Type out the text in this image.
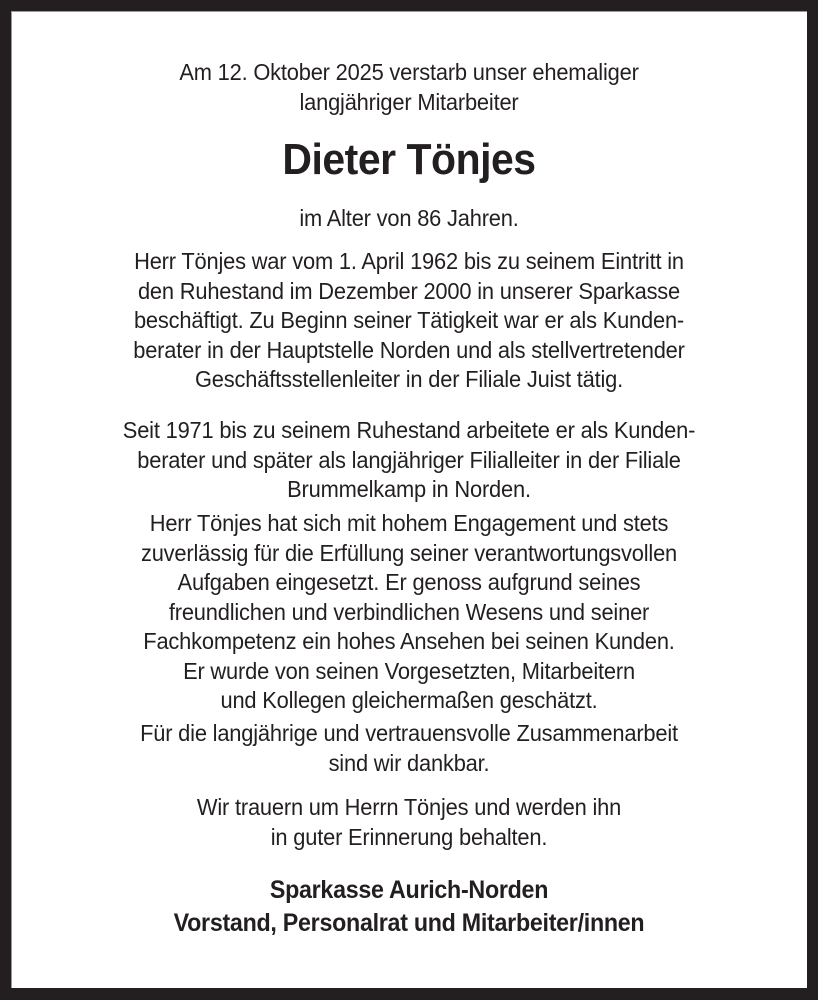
Am 12. Oktober 2025 verstarb unser ehemaliger
langjähriger Mitarbeiter
Dieter Tönjes
im Alter von 86 Jahren.
Herr Tönjes war vom 1. April 1962 bis zu seinem Eintritt in
den Ruhestand im Dezember 2000 in unserer Sparkasse
beschäftigt. Zu Beginn seiner Tätigkeit war er als Kunden-
berater in der Hauptstelle Norden und als stellvertretender
Geschäftsstellenleiter in der Filiale Juist tätig.
Seit 1971 bis zu seinem Ruhestand arbeitete er als Kunden-
berater und später als langjähriger Filialleiter in der Filiale
Brummelkamp in Norden.
Herr Tönjes hat sich mit hohem Engagement und stets
zuverlässig für die Erfüllung seiner verantwortungsvollen
Aufgaben eingesetzt. Er genoss aufgrund seines
freundlichen und verbindlichen Wesens und seiner
Fachkompetenz ein hohes Ansehen bei seinen Kunden.
Er wurde von seinen Vorgesetzten, Mitarbeitern
und Kollegen gleichermaßen geschätzt.
Für die langjährige und vertrauensvolle Zusammenarbeit
sind wir dankbar.
Wir trauern um Herrn Tönjes und werden ihn
in guter Erinnerung behalten.
Sparkasse Aurich-Norden
Vorstand, Personalrat und Mitarbeiter/innen
